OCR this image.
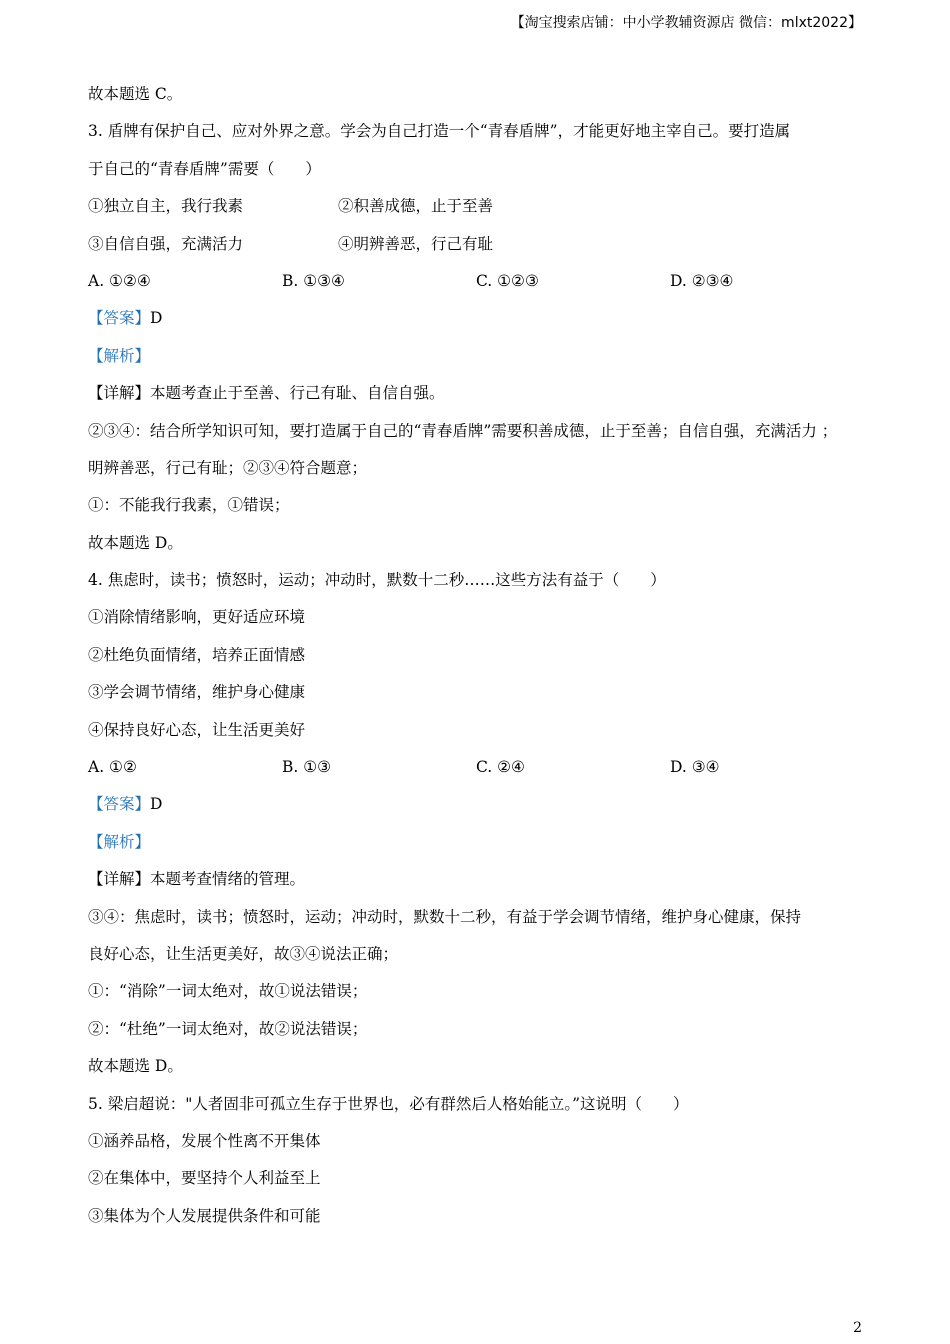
【淘宝搜索店铺：中小学教辅资源店 微信：mlxt2022】
故本题选 C。
3. 盾牌有保护自己、应对外界之意。学会为自己打造一个“青春盾牌”，才能更好地主宰自己。要打造属
于自己的“青春盾牌”需要（　　）
①独立自主，我行我素	②积善成德，止于至善
③自信自强，充满活力	④明辨善恶，行己有耻
A. ①②④	B. ①③④	C. ①②③	D. ②③④
【答案】D
【解析】
【详解】本题考查止于至善、行己有耻、自信自强。
②③④：结合所学知识可知，要打造属于自己的“青春盾牌”需要积善成德，止于至善；自信自强，充满活力 ；
明辨善恶，行己有耻；②③④符合题意；
①：不能我行我素，①错误；
故本题选 D。
4. 焦虑时，读书；愤怒时，运动；冲动时，默数十二秒……这些方法有益于（　　）
①消除情绪影响，更好适应环境
②杜绝负面情绪，培养正面情感
③学会调节情绪，维护身心健康
④保持良好心态，让生活更美好
A. ①②	B. ①③	C. ②④	D. ③④
【答案】D
【解析】
【详解】本题考查情绪的管理。
③④：焦虑时，读书；愤怒时，运动；冲动时，默数十二秒，有益于学会调节情绪，维护身心健康，保持
良好心态，让生活更美好，故③④说法正确；
①：“消除”一词太绝对，故①说法错误；
②：“杜绝”一词太绝对，故②说法错误；
故本题选 D。
5. 梁启超说："人者固非可孤立生存于世界也，必有群然后人格始能立。”这说明（　　）
①涵养品格，发展个性离不开集体
②在集体中，要坚持个人利益至上
③集体为个人发展提供条件和可能
2
